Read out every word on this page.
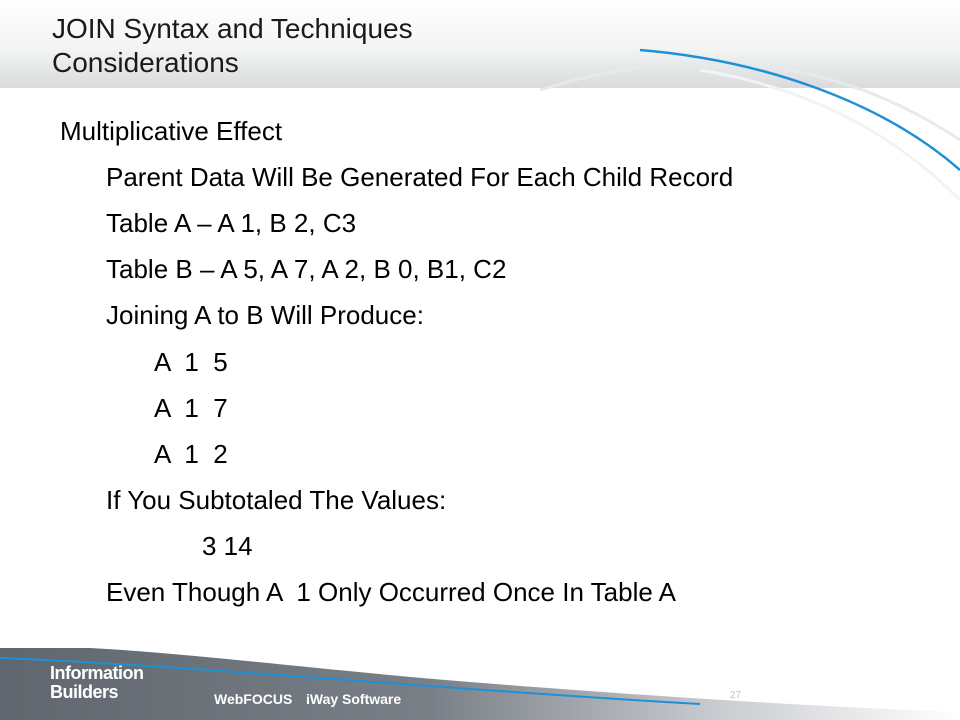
JOIN Syntax and Techniques
Considerations
Multiplicative Effect
Parent Data Will Be Generated For Each Child Record
Table A – A 1, B 2, C3
Table B – A 5, A 7, A 2, B 0, B1, C2
Joining A to B Will Produce:
A  1  5
A  1  7
A  1  2
If You Subtotaled The Values:
3 14
Even Though A  1 Only Occurred Once In Table A
Information
Builders	WebFOCUS iWay Software	27
